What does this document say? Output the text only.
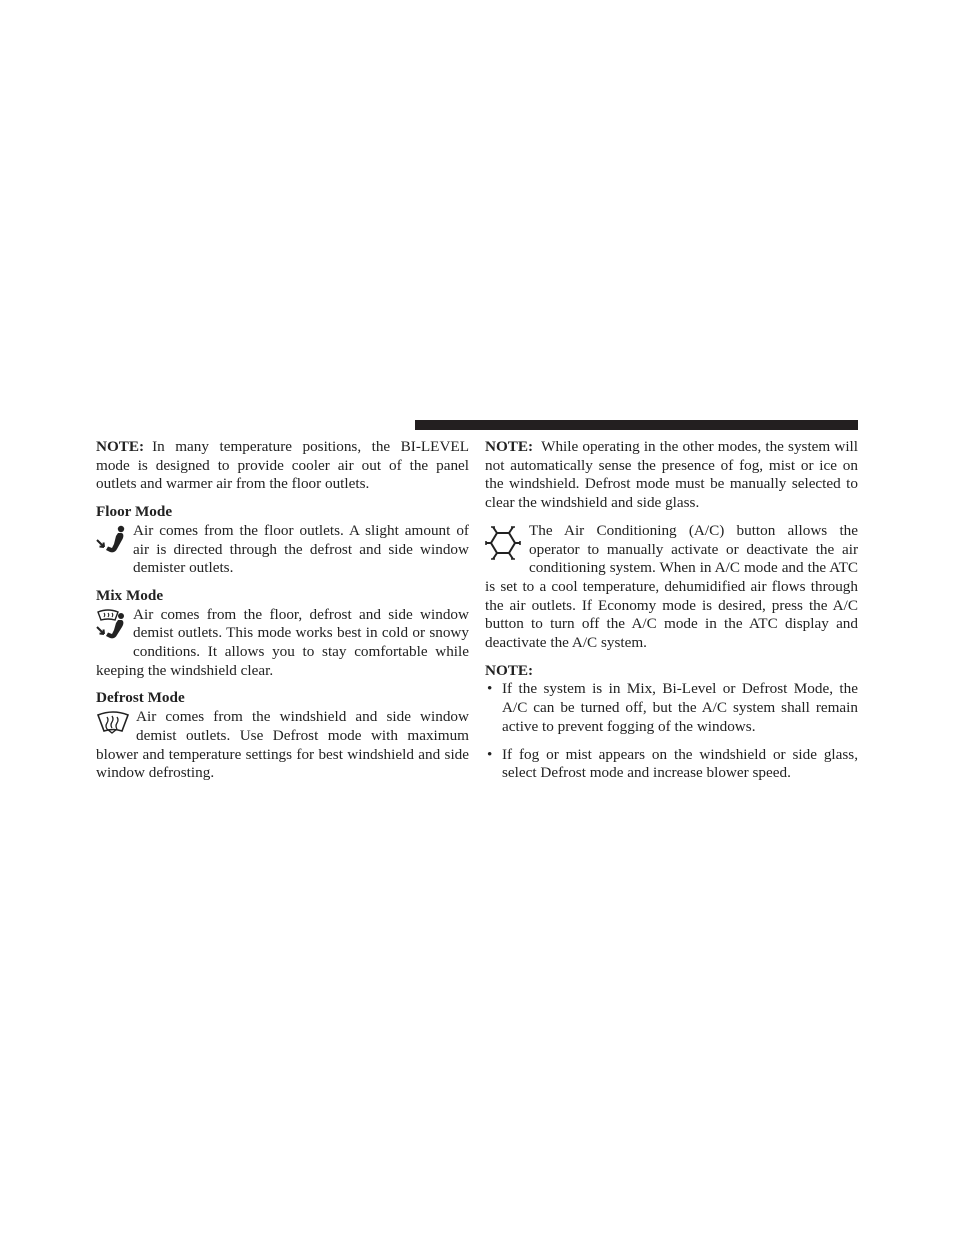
NOTE: In many temperature positions, the BI-LEVEL mode is designed to provide cooler air out of the panel outlets and warmer air from the floor outlets.

Floor Mode

Air comes from the floor outlets. A slight amount of air is directed through the defrost and side window demister outlets.

Mix Mode

Air comes from the floor, defrost and side window demist outlets. This mode works best in cold or snowy conditions. It allows you to stay comfortable while keeping the windshield clear.

Defrost Mode

Air comes from the windshield and side window demist outlets. Use Defrost mode with maximum blower and temperature settings for best windshield and side window defrosting.

NOTE: While operating in the other modes, the system will not automatically sense the presence of fog, mist or ice on the windshield. Defrost mode must be manually selected to clear the windshield and side glass.

The Air Conditioning (A/C) button allows the operator to manually activate or deactivate the air conditioning system. When in A/C mode and the ATC is set to a cool temperature, dehumidified air flows through the air outlets. If Economy mode is desired, press the A/C button to turn off the A/C mode in the ATC display and deactivate the A/C system.

NOTE:

• If the system is in Mix, Bi-Level or Defrost Mode, the A/C can be turned off, but the A/C system shall remain active to prevent fogging of the windows.
• If fog or mist appears on the windshield or side glass, select Defrost mode and increase blower speed.
